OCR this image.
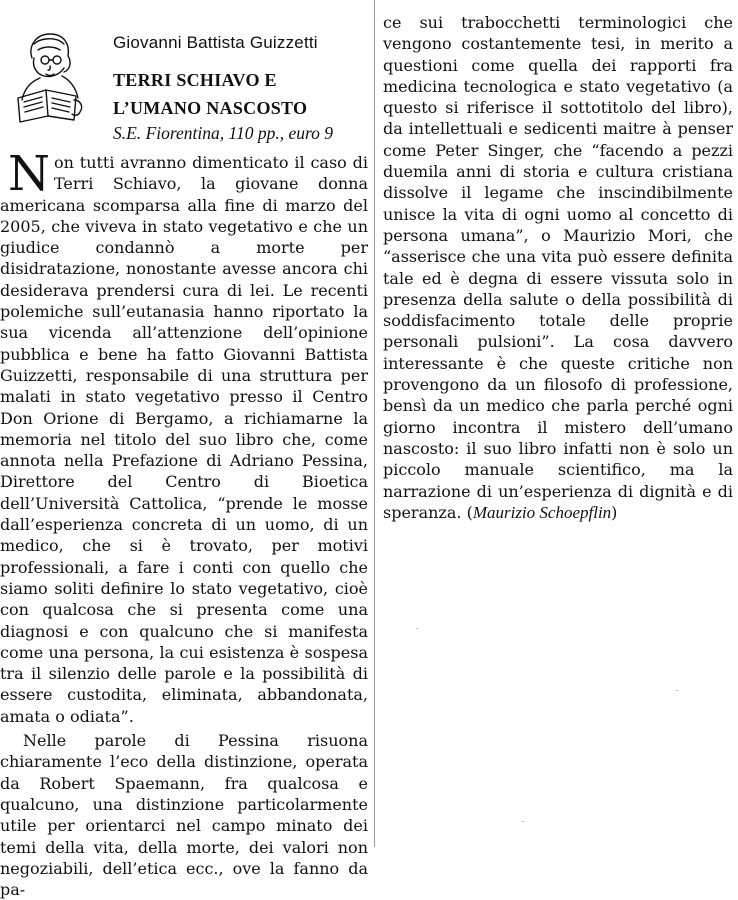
Giovanni Battista Guizzetti
TERRI SCHIAVO E
L’UMANO NASCOSTO
S.E. Fiorentina, 110 pp., euro 9

Non tutti avranno dimenticato il caso di Terri Schiavo, la giovane donna americana scomparsa alla fine di marzo del 2005, che viveva in stato vegetativo e che un giudice condannò a morte per disidratazione, nonostante avesse ancora chi desiderava prendersi cura di lei. Le recenti polemiche sull’eutanasia hanno riportato la sua vicenda all’attenzione dell’opinione pubblica e bene ha fatto Giovanni Battista Guizzetti, responsabile di una struttura per malati in stato vegetativo presso il Centro Don Orione di Bergamo, a richiamarne la memoria nel titolo del suo libro che, come annota nella Prefazione di Adriano Pessina, Direttore del Centro di Bioetica dell’Università Cattolica, “prende le mosse dall’esperienza concreta di un uomo, di un medico, che si è trovato, per motivi professionali, a fare i conti con quello che siamo soliti definire lo stato vegetativo, cioè con qualcosa che si presenta come una diagnosi e con qualcuno che si manifesta come una persona, la cui esistenza è sospesa tra il silenzio delle parole e la possibilità di essere custodita, eliminata, abbandonata, amata o odiata”.

Nelle parole di Pessina risuona chiaramente l’eco della distinzione, operata da Robert Spaemann, fra qualcosa e qualcuno, una distinzione particolarmente utile per orientarci nel campo minato dei temi della vita, della morte, dei valori non negoziabili, dell’etica ecc., ove la fanno da pa-

ce sui trabocchetti terminologici che vengono costantemente tesi, in merito a questioni come quella dei rapporti fra medicina tecnologica e stato vegetativo (a questo si riferisce il sottotitolo del libro), da intellettuali e sedicenti maitre à penser come Peter Singer, che “facendo a pezzi duemila anni di storia e cultura cristiana dissolve il legame che inscindibilmente unisce la vita di ogni uomo al concetto di persona umana”, o Maurizio Mori, che “asserisce che una vita può essere definita tale ed è degna di essere vissuta solo in presenza della salute o della possibilità di soddisfacimento totale delle proprie personali pulsioni”. La cosa davvero interessante è che queste critiche non provengono da un filosofo di professione, bensì da un medico che parla perché ogni giorno incontra il mistero dell’umano nascosto: il suo libro infatti non è solo un piccolo manuale scientifico, ma la narrazione di un’esperienza di dignità e di speranza. (Maurizio Schoepflin)
